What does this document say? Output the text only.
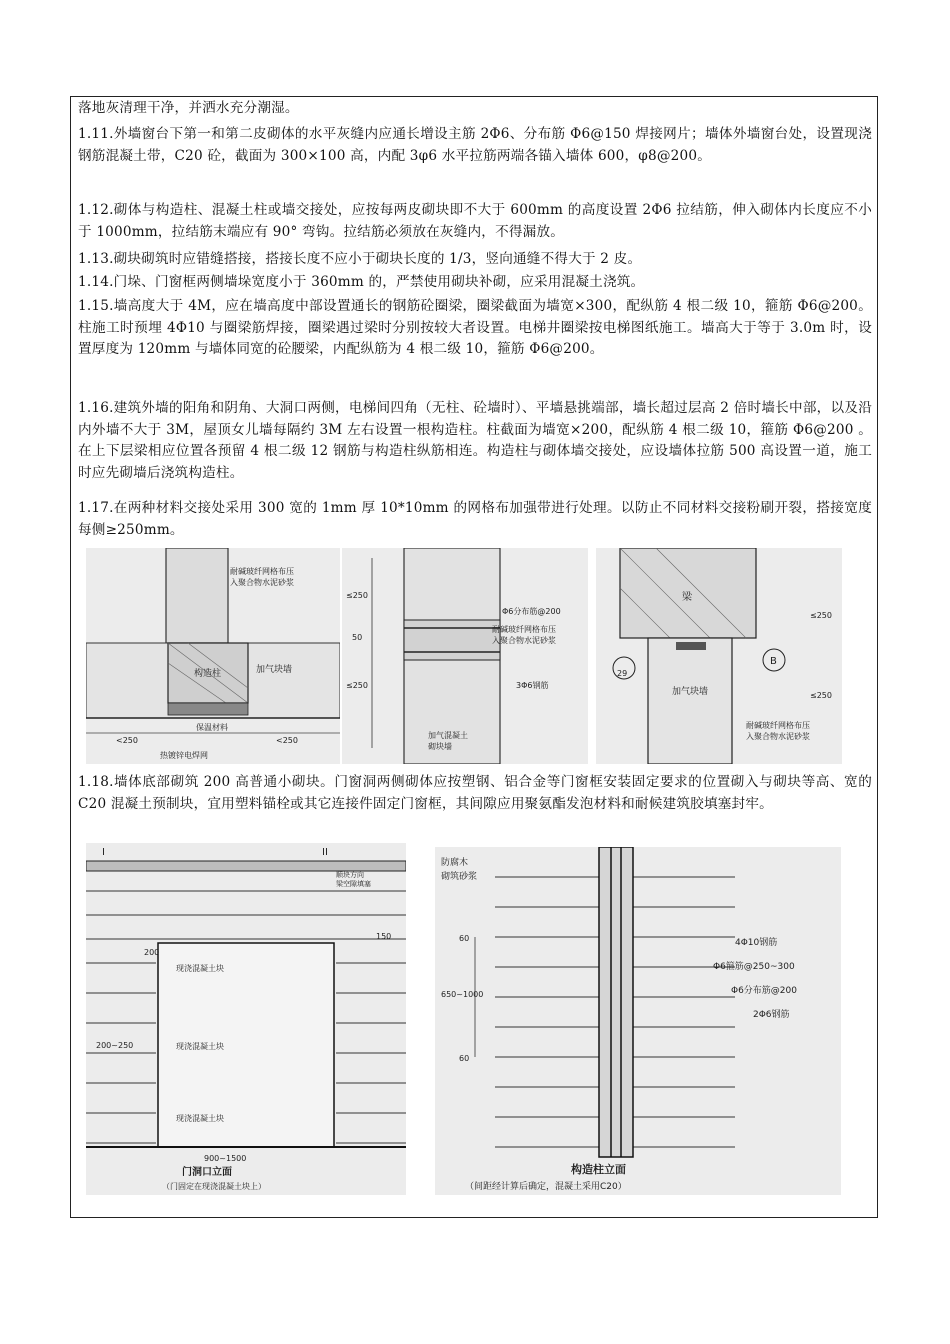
落地灰清理干净，并洒水充分潮湿。
1.11.外墙窗台下第一和第二皮砌体的水平灰缝内应通长增设主筋 2Φ6、分布筋 Φ6@150 焊接网片；墙体外墙窗台处，设置现浇钢筋混凝土带，C20 砼，截面为 300×100 高，内配 3φ6 水平拉筋两端各锚入墙体 600，φ8@200。
1.12.砌体与构造柱、混凝土柱或墙交接处，应按每两皮砌块即不大于 600mm 的高度设置 2Φ6 拉结筋，伸入砌体内长度应不小于 1000mm，拉结筋末端应有 90° 弯钩。拉结筋必须放在灰缝内，不得漏放。
1.13.砌块砌筑时应错缝搭接，搭接长度不应小于砌块长度的 1/3，竖向通缝不得大于 2 皮。
1.14.门垛、门窗框两侧墙垛宽度小于 360mm 的，严禁使用砌块补砌，应采用混凝土浇筑。
1.15.墙高度大于 4M，应在墙高度中部设置通长的钢筋砼圈梁，圈梁截面为墙宽×300，配纵筋 4 根二级 10，箍筋 Φ6@200。柱施工时预埋 4Φ10 与圈梁筋焊接，圈梁遇过梁时分别按较大者设置。电梯井圈梁按电梯图纸施工。墙高大于等于 3.0m 时，设置厚度为 120mm 与墙体同宽的砼腰梁，内配纵筋为 4 根二级 10，箍筋 Φ6@200。
1.16.建筑外墙的阳角和阴角、大洞口两侧，电梯间四角（无柱、砼墙时）、平墙悬挑端部，墙长超过层高 2 倍时墙长中部，以及沿内外墙不大于 3M，屋顶女儿墙每隔约 3M 左右设置一根构造柱。柱截面为墙宽×200，配纵筋 4 根二级 10，箍筋 Φ6@200 。在上下层梁相应位置各预留 4 根二级 12 钢筋与构造柱纵筋相连。构造柱与砌体墙交接处，应设墙体拉筋 500 高设置一道，施工时应先砌墙后浇筑构造柱。
1.17.在两种材料交接处采用 300 宽的 1mm 厚 10*10mm 的网格布加强带进行处理。以防止不同材料交接粉刷开裂，搭接宽度每侧≥250mm。
耐碱玻纤网格布压
入聚合物水泥砂浆
构造柱	加气块墙
保温材料
热镀锌电焊网
<250	<250
≤250
50
≤250
Φ6分布筋@200
耐碱玻纤网格布压
入聚合物水泥砂浆
3Φ6钢筋
加气混凝土
砌块墙
B
29
梁
加气块墙
耐碱玻纤网格布压
入聚合物水泥砂浆
≤250
≤250
1.18.墙体底部砌筑 200 高普通小砌块。门窗洞两侧砌体应按塑钢、铝合金等门窗框安装固定要求的位置砌入与砌块等高、宽的 C20 混凝土预制块，宜用塑料锚栓或其它连接件固定门窗框，其间隙应用聚氨酯发泡材料和耐候建筑胶填塞封牢。
I	II
顺块方向
梁空隙填塞
200
150
200~250
现浇混凝土块
现浇混凝土块
现浇混凝土块
900~1500
门洞口立面
（门固定在现浇混凝土块上）
防腐木
砌筑砂浆
60
60
650~1000
4Φ10钢筋
Φ6箍筋@250~300
Φ6分布筋@200
2Φ6钢筋
构造柱立面
（间距经计算后确定，混凝土采用C20）
